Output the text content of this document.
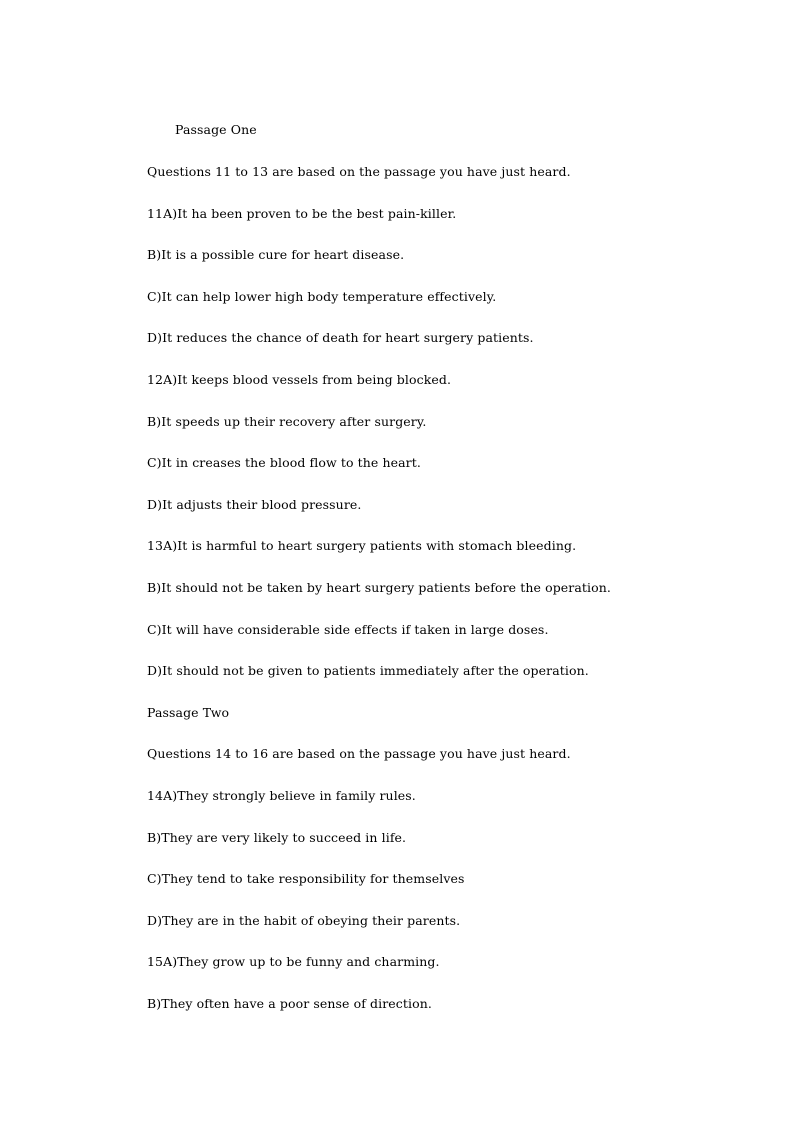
Passage One
Questions 11 to 13 are based on the passage you have just heard.
11A)It ha been proven to be the best pain-killer.
B)It is a possible cure for heart disease.
C)It can help lower high body temperature effectively.
D)It reduces the chance of death for heart surgery patients.
12A)It keeps blood vessels from being blocked.
B)It speeds up their recovery after surgery.
C)It in creases the blood flow to the heart.
D)It adjusts their blood pressure.
13A)It is harmful to heart surgery patients with stomach bleeding.
B)It should not be taken by heart surgery patients before the operation.
C)It will have considerable side effects if taken in large doses.
D)It should not be given to patients immediately after the operation.
Passage Two
Questions 14 to 16 are based on the passage you have just heard.
14A)They strongly believe in family rules.
B)They are very likely to succeed in life.
C)They tend to take responsibility for themselves
D)They are in the habit of obeying their parents.
15A)They grow up to be funny and charming.
B)They often have a poor sense of direction.
